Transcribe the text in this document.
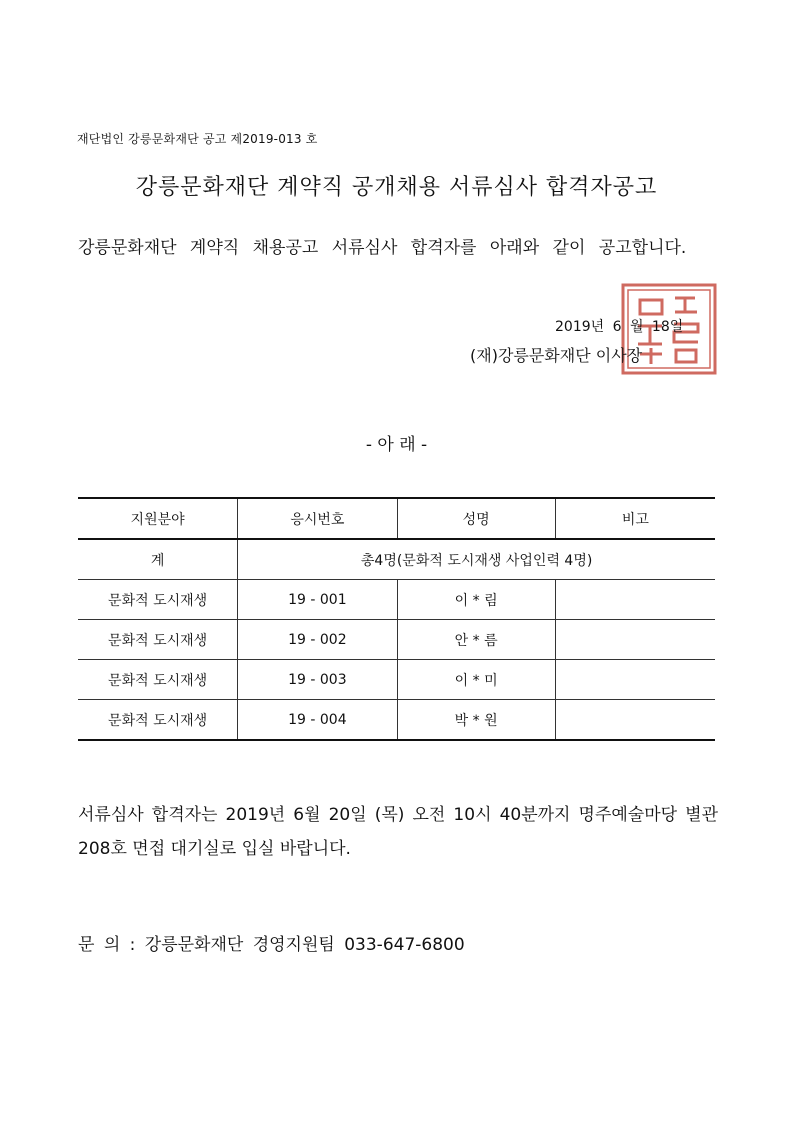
재단법인 강릉문화재단 공고 제2019-013 호
강릉문화재단 계약직 공개채용 서류심사 합격자공고
강릉문화재단 계약직 채용공고 서류심사 합격자를 아래와 같이 공고합니다.
2019년 6 월 18일
(재)강릉문화재단 이사장
- 아 래 -
지원분야	응시번호	성명	비고
계	총4명(문화적 도시재생 사업인력 4명)		
문화적 도시재생	19 - 001	이 * 림	
문화적 도시재생	19 - 002	안 * 름	
문화적 도시재생	19 - 003	이 * 미	
문화적 도시재생	19 - 004	박 * 원	
서류심사 합격자는 2019년 6월 20일 (목) 오전 10시 40분까지 명주예술마당 별관 208호 면접 대기실로 입실 바랍니다.
문 의 : 강릉문화재단 경영지원팀 033-647-6800
